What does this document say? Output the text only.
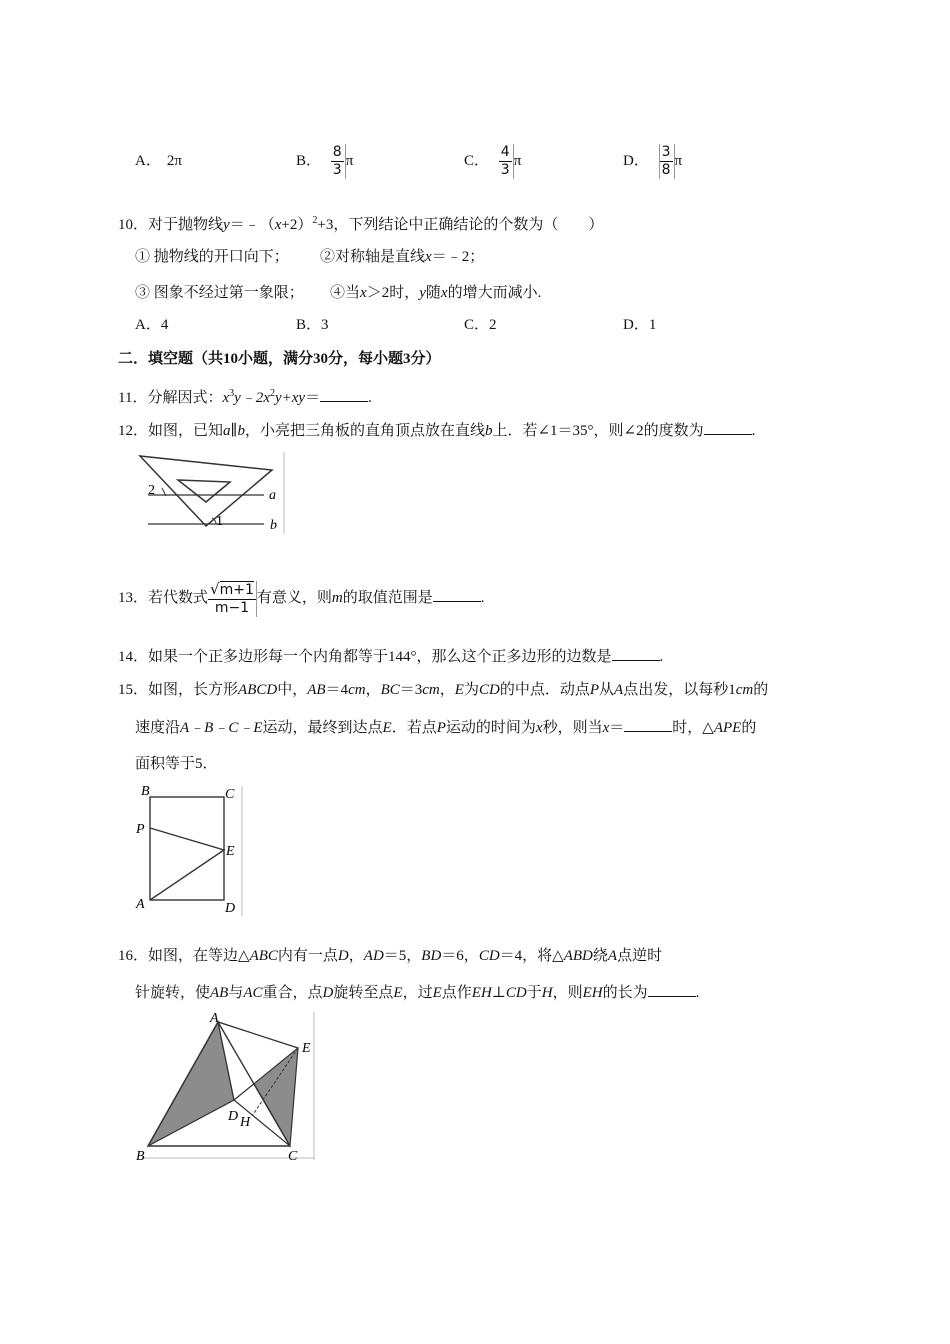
A． 2π	B． $\frac{8}{3}$ π	C． $\frac{4}{3}$ π	D． $\frac{3}{8}$ π
10．对于抛物线$y=﹣(x+2)^2+3$，下列结论中正确结论的个数为（　　）
① 抛物线的开口向下； ②对称轴是直线x＝﹣2；
③ 图象不经过第一象限； ④当x＞2时，y随x的增大而减小.
A．4	B．3	C．2	D．1
二．填空题（共10小题，满分30分，每小题3分）
11．分解因式：$x^3y﹣2x^2y+xy=$	.
12．如图，已知a∥b，小亮把三角板的直角顶点放在直线b上．若∠1＝35°，则∠2的度数为	.
2
1
a
b
13．若代数式 $\frac{√m+1}{m-1}$ 有意义，则m的取值范围是	.
14．如果一个正多边形每一个内角都等于144°，那么这个正多边形的边数是	.
15．如图，长方形ABCD中，AB＝4cm，BC＝3cm，E为CD的中点．动点P从A点出发，以每秒1cm的
速度沿A﹣B﹣C﹣E运动，最终到达点E．若点P运动的时间为x秒，则当x＝	时，△APE的
面积等于5．
B	C
P
E
A	D
16．如图，在等边△ABC内有一点D，AD＝5，BD＝6，CD＝4，将△ABD绕A点逆时
针旋转，使AB与AC重合，点D旋转至点E，过E点作EH⊥CD于H，则EH的长为	.
A
E
D H
B	C
